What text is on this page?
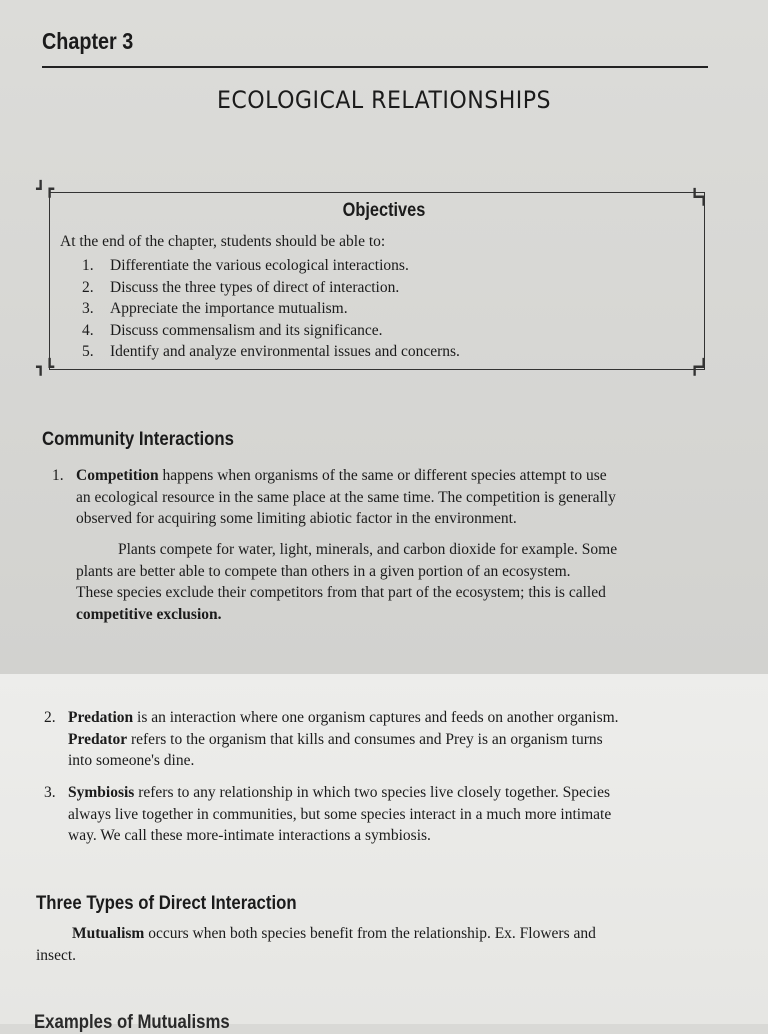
Chapter 3
ECOLOGICAL RELATIONSHIPS
┛┏	┗┓
┓┗	┏┛
Objectives
At the end of the chapter, students should be able to:
1. Differentiate the various ecological interactions.
2. Discuss the three types of direct of interaction.
3. Appreciate the importance mutualism.
4. Discuss commensalism and its significance.
5. Identify and analyze environmental issues and concerns.
Community Interactions
1. Competition happens when organisms of the same or different species attempt to use
an ecological resource in the same place at the same time. The competition is generally
observed for acquiring some limiting abiotic factor in the environment.
Plants compete for water, light, minerals, and carbon dioxide for example. Some
plants are better able to compete than others in a given portion of an ecosystem.
These species exclude their competitors from that part of the ecosystem; this is called
competitive exclusion.
2. Predation is an interaction where one organism captures and feeds on another organism.
Predator refers to the organism that kills and consumes and Prey is an organism turns
into someone's dine.
3. Symbiosis refers to any relationship in which two species live closely together. Species
always live together in communities, but some species interact in a much more intimate
way. We call these more-intimate interactions a symbiosis.
Three Types of Direct Interaction
Mutualism occurs when both species benefit from the relationship. Ex. Flowers and
insect.
Examples of Mutualisms
